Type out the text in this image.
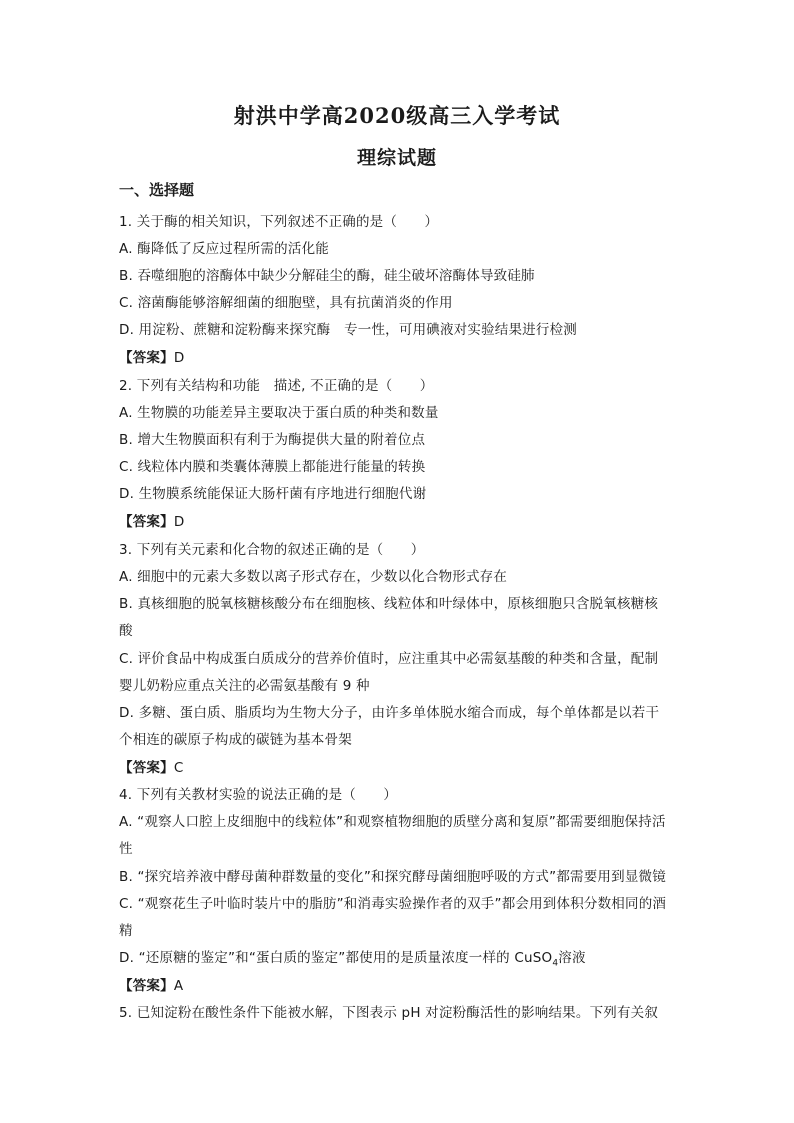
射洪中学高2020级高三入学考试
理综试题
一、选择题
1. 关于酶的相关知识，下列叙述不正确的是（　　）
A. 酶降低了反应过程所需的活化能
B. 吞噬细胞的溶酶体中缺少分解硅尘的酶，硅尘破坏溶酶体导致硅肺
C. 溶菌酶能够溶解细菌的细胞壁，具有抗菌消炎的作用
D. 用淀粉、蔗糖和淀粉酶来探究酶　专一性，可用碘液对实验结果进行检测
【答案】D
2. 下列有关结构和功能　描述, 不正确的是（　　）
A. 生物膜的功能差异主要取决于蛋白质的种类和数量
B. 增大生物膜面积有利于为酶提供大量的附着位点
C. 线粒体内膜和类囊体薄膜上都能进行能量的转换
D. 生物膜系统能保证大肠杆菌有序地进行细胞代谢
【答案】D
3. 下列有关元素和化合物的叙述正确的是（　　）
A. 细胞中的元素大多数以离子形式存在，少数以化合物形式存在
B. 真核细胞的脱氧核糖核酸分布在细胞核、线粒体和叶绿体中，原核细胞只含脱氧核糖核
酸
C. 评价食品中构成蛋白质成分的营养价值时，应注重其中必需氨基酸的种类和含量，配制
婴儿奶粉应重点关注的必需氨基酸有 9 种
D. 多糖、蛋白质、脂质均为生物大分子，由许多单体脱水缩合而成，每个单体都是以若干
个相连的碳原子构成的碳链为基本骨架
【答案】C
4. 下列有关教材实验的说法正确的是（　　）
A. “观察人口腔上皮细胞中的线粒体”和观察植物细胞的质壁分离和复原”都需要细胞保持活
性
B. “探究培养液中酵母菌种群数量的变化”和探究酵母菌细胞呼吸的方式”都需要用到显微镜
C. “观察花生子叶临时装片中的脂肪”和消毒实验操作者的双手”都会用到体积分数相同的酒
精
D. “还原糖的鉴定”和“蛋白质的鉴定”都使用的是质量浓度一样的 CuSO$_4$溶液
【答案】A
5. 已知淀粉在酸性条件下能被水解，下图表示 pH 对淀粉酶活性的影响结果。下列有关叙
